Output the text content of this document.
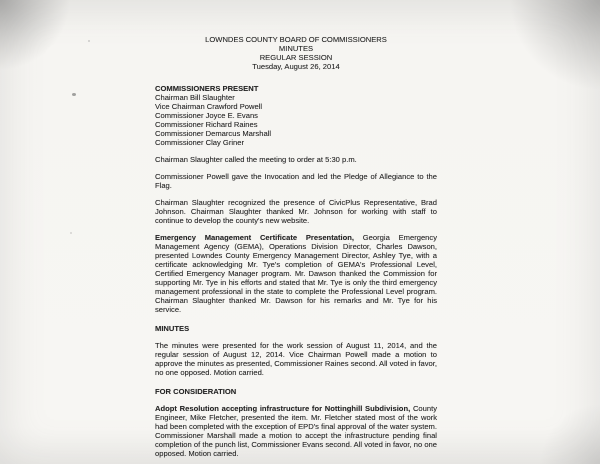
LOWNDES COUNTY BOARD OF COMMISSIONERS
MINUTES
REGULAR SESSION
Tuesday, August 26, 2014
COMMISSIONERS PRESENT
Chairman Bill Slaughter
Vice Chairman Crawford Powell
Commissioner Joyce E. Evans
Commissioner Richard Raines
Commissioner Demarcus Marshall
Commissioner Clay Griner

Chairman Slaughter called the meeting to order at 5:30 p.m.

Commissioner Powell gave the Invocation and led the Pledge of Allegiance to the Flag.

Chairman Slaughter recognized the presence of CivicPlus Representative, Brad Johnson. Chairman Slaughter thanked Mr. Johnson for working with staff to continue to develop the county's new website.

Emergency Management Certificate Presentation, Georgia Emergency Management Agency (GEMA), Operations Division Director, Charles Dawson, presented Lowndes County Emergency Management Director, Ashley Tye, with a certificate acknowledging Mr. Tye's completion of GEMA's Professional Level, Certified Emergency Manager program. Mr. Dawson thanked the Commission for supporting Mr. Tye in his efforts and stated that Mr. Tye is only the third emergency management professional in the state to complete the Professional Level program. Chairman Slaughter thanked Mr. Dawson for his remarks and Mr. Tye for his service.

MINUTES

The minutes were presented for the work session of August 11, 2014, and the regular session of August 12, 2014. Vice Chairman Powell made a motion to approve the minutes as presented, Commissioner Raines second. All voted in favor, no one opposed. Motion carried.

FOR CONSIDERATION

Adopt Resolution accepting infrastructure for Nottinghill Subdivision, County Engineer, Mike Fletcher, presented the item. Mr. Fletcher stated most of the work had been completed with the exception of EPD's final approval of the water system. Commissioner Marshall made a motion to accept the infrastructure pending final completion of the punch list, Commissioner Evans second. All voted in favor, no one opposed. Motion carried.
